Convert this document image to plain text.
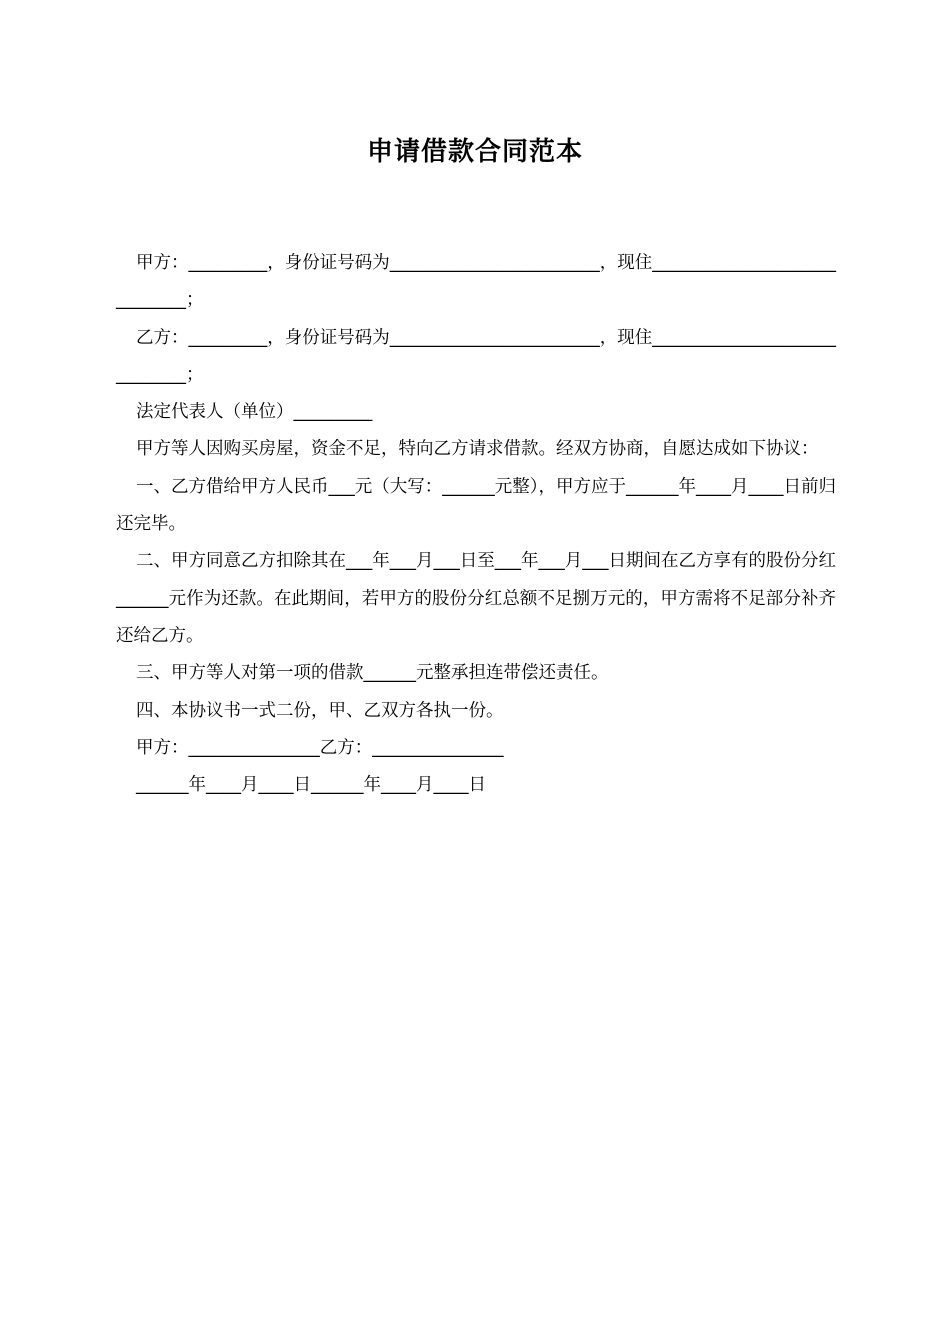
申请借款合同范本

甲方：_________，身份证号码为________________________，现住_____________________________；

乙方：_________，身份证号码为________________________，现住_____________________________；

法定代表人（单位）_________

甲方等人因购买房屋，资金不足，特向乙方请求借款。经双方协商，自愿达成如下协议：

一、乙方借给甲方人民币___元（大写：______元整），甲方应于______年____月____日前归还完毕。

二、甲方同意乙方扣除其在___年___月___日至___年___月___日期间在乙方享有的股份分红______元作为还款。在此期间，若甲方的股份分红总额不足捌万元的，甲方需将不足部分补齐还给乙方。

三、甲方等人对第一项的借款______元整承担连带偿还责任。

四、本协议书一式二份，甲、乙双方各执一份。

甲方：_______________乙方：_______________

______年____月____日______年____月____日
